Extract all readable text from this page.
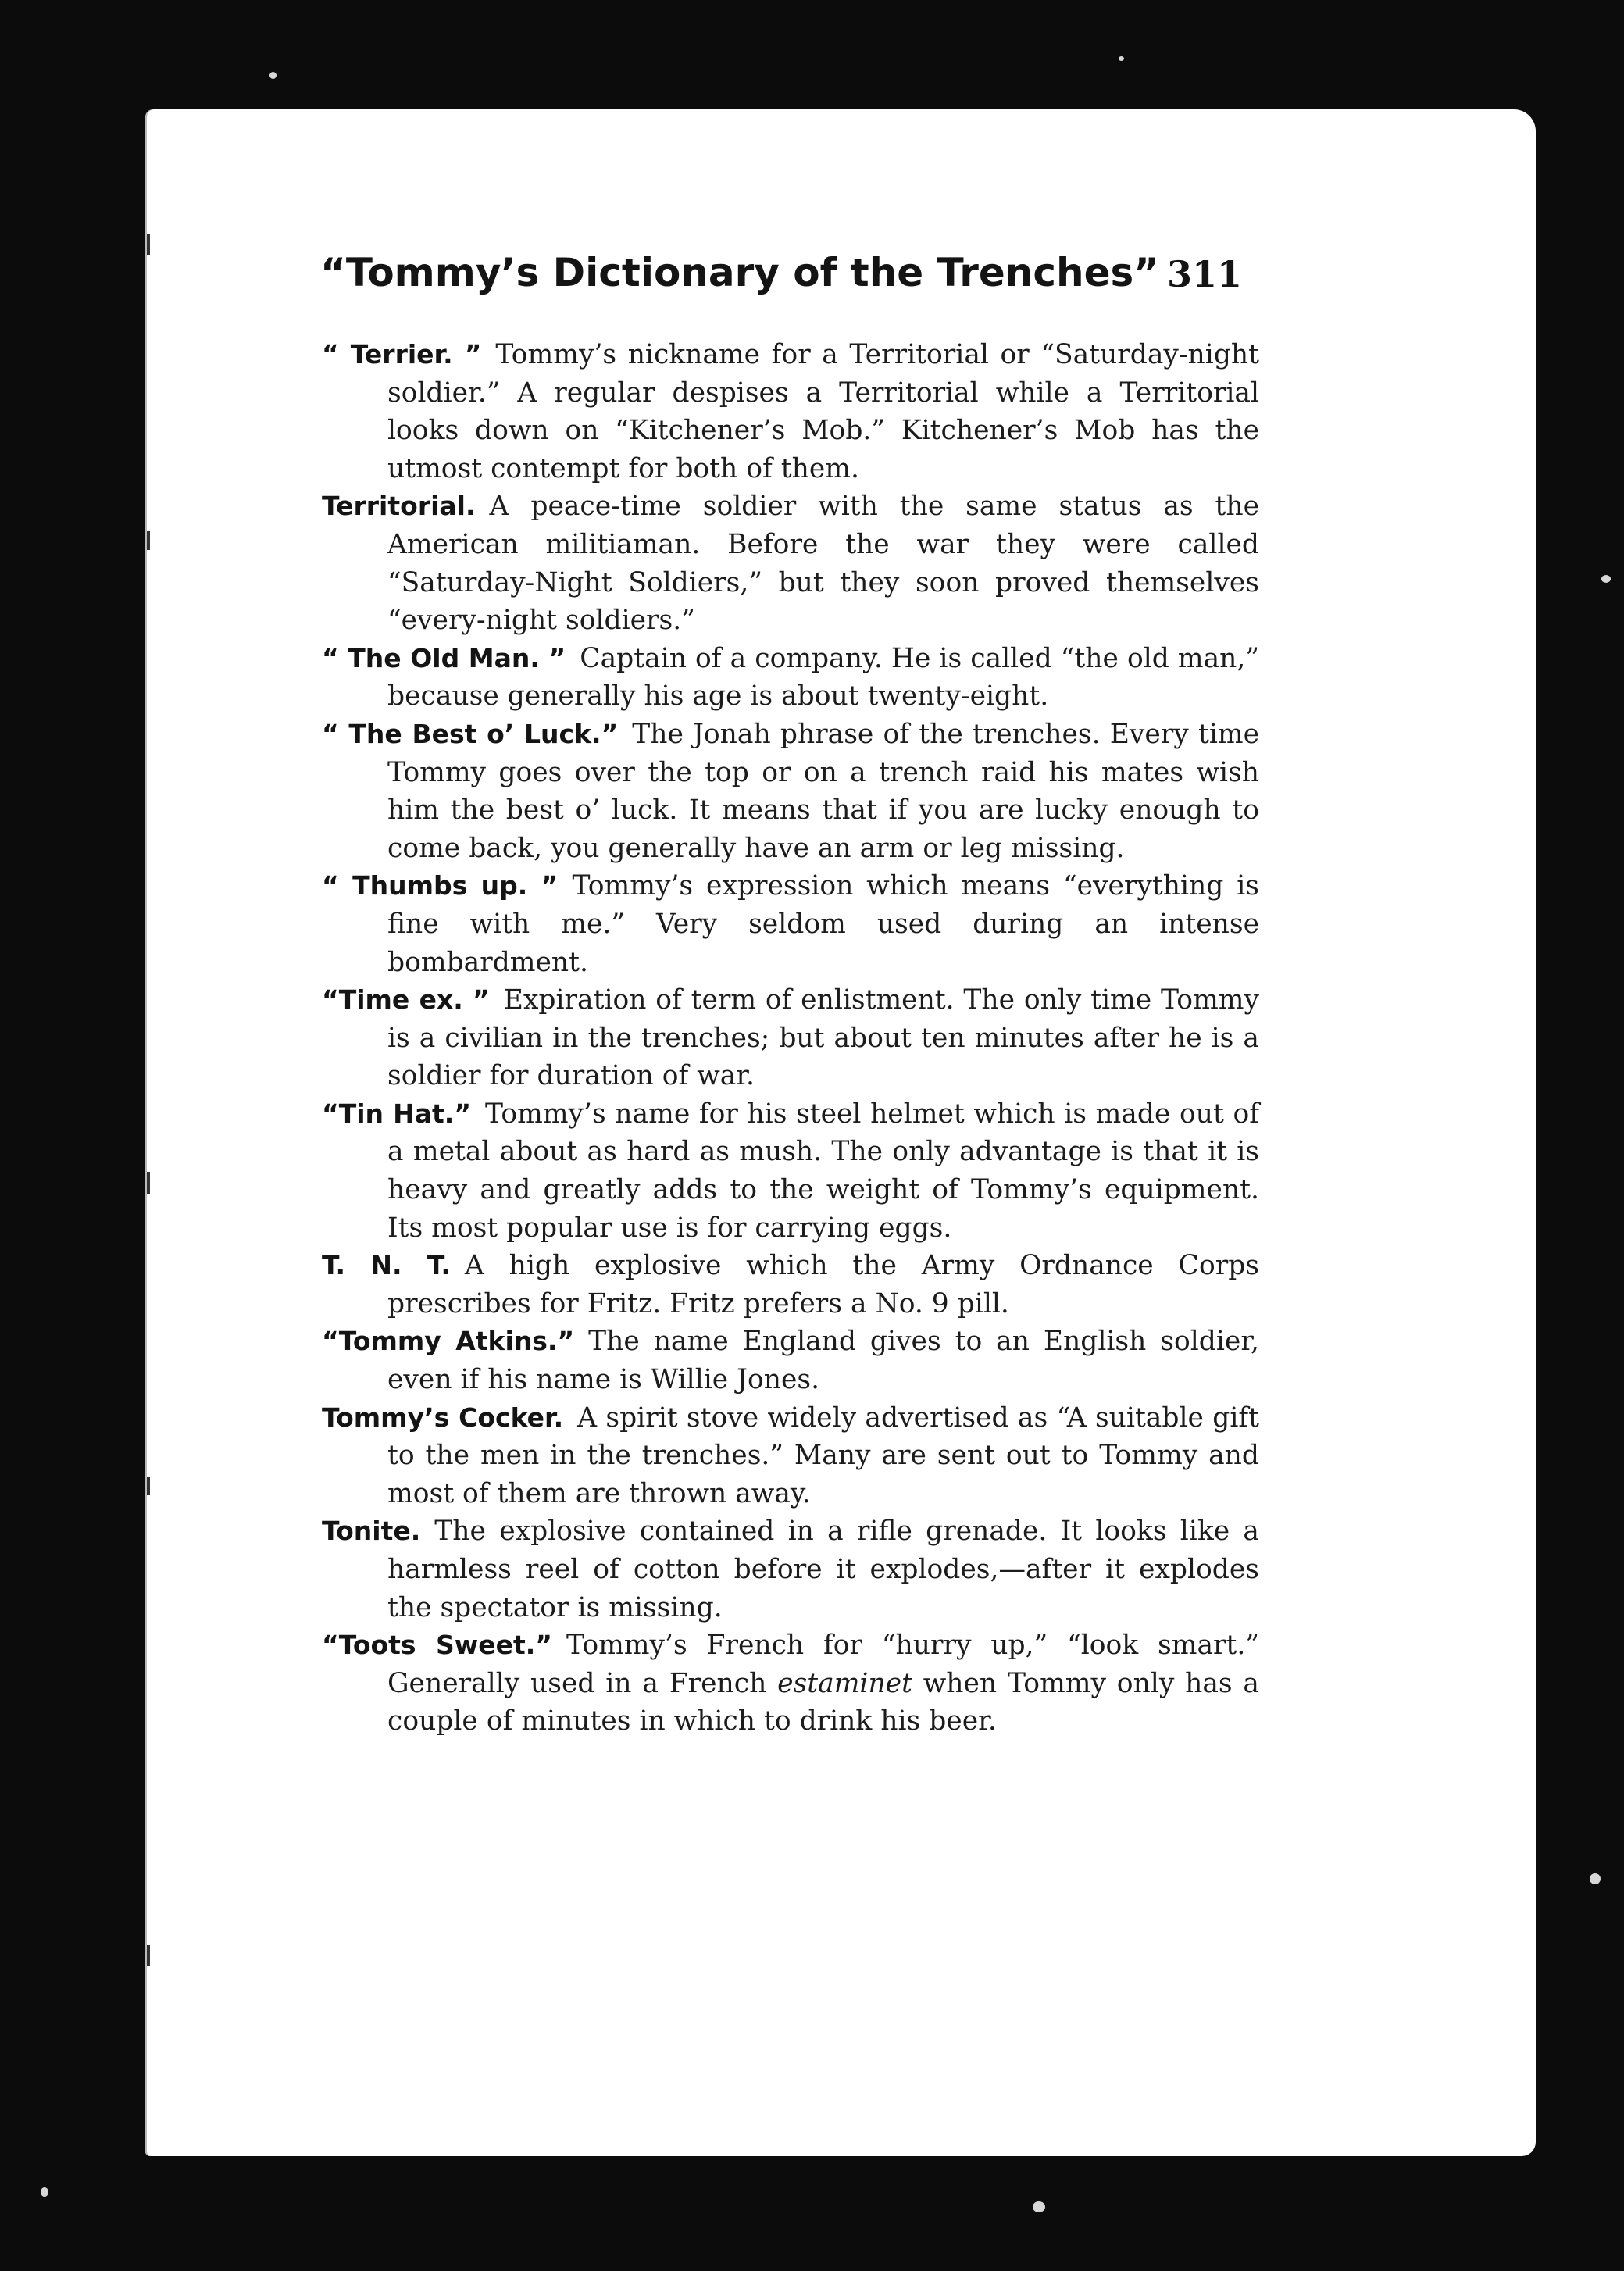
“Tommy’s Dictionary of the Trenches” 311

“ Terrier. ” Tommy’s nickname for a Territorial or “Saturday-night soldier.” A regular despises a Territorial while a Territorial looks down on “Kitchener’s Mob.” Kitchener’s Mob has the utmost contempt for both of them.

Territorial. A peace-time soldier with the same status as the American militiaman. Before the war they were called “Saturday-Night Soldiers,” but they soon proved themselves “every-night soldiers.”

“ The Old Man. ” Captain of a company. He is called “the old man,” because generally his age is about twenty-eight.

“ The Best o’ Luck.” The Jonah phrase of the trenches. Every time Tommy goes over the top or on a trench raid his mates wish him the best o’ luck. It means that if you are lucky enough to come back, you generally have an arm or leg missing.

“ Thumbs up. ” Tommy’s expression which means “everything is fine with me.” Very seldom used during an intense bombardment.

“Time ex. ” Expiration of term of enlistment. The only time Tommy is a civilian in the trenches; but about ten minutes after he is a soldier for duration of war.

“Tin Hat.” Tommy’s name for his steel helmet which is made out of a metal about as hard as mush. The only advantage is that it is heavy and greatly adds to the weight of Tommy’s equipment. Its most popular use is for carrying eggs.

T. N. T. A high explosive which the Army Ordnance Corps prescribes for Fritz. Fritz prefers a No. 9 pill.

“Tommy Atkins.” The name England gives to an English soldier, even if his name is Willie Jones.

Tommy’s Cocker. A spirit stove widely advertised as “A suitable gift to the men in the trenches.” Many are sent out to Tommy and most of them are thrown away.

Tonite. The explosive contained in a rifle grenade. It looks like a harmless reel of cotton before it explodes,—after it explodes the spectator is missing.

“Toots Sweet.” Tommy’s French for “hurry up,” “look smart.” Generally used in a French estaminet when Tommy only has a couple of minutes in which to drink his beer.
